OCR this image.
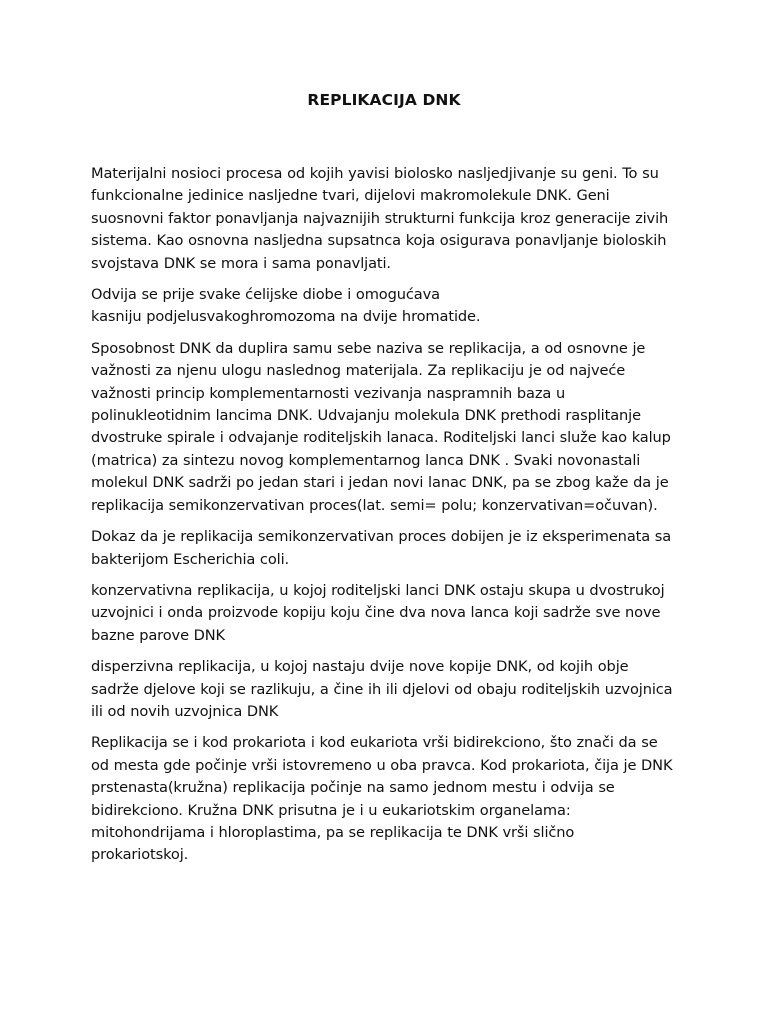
REPLIKACIJA DNK

Materijalni nosioci procesa od kojih yavisi biolosko nasljedjivanje su geni. To su
funkcionalne jedinice nasljedne tvari, dijelovi makromolekule DNK. Geni
suosnovni faktor ponavljanja najvaznijih strukturni funkcija kroz generacije zivih
sistema. Kao osnovna nasljedna supsatnca koja osigurava ponavljanje bioloskih
svojstava DNK se mora i sama ponavljati.

Odvija se prije svake ćelijske diobe i omogućava
kasniju podjelusvakoghromozoma na dvije hromatide.

Sposobnost DNK da duplira samu sebe naziva se replikacija, a od osnovne je
važnosti za njenu ulogu naslednog materijala. Za replikaciju je od najveće
važnosti princip komplementarnosti vezivanja naspramnih baza u
polinukleotidnim lancima DNK. Udvajanju molekula DNK prethodi rasplitanje
dvostruke spirale i odvajanje roditeljskih lanaca. Roditeljski lanci služe kao kalup
(matrica) za sintezu novog komplementarnog lanca DNK . Svaki novonastali
molekul DNK sadrži po jedan stari i jedan novi lanac DNK, pa se zbog kaže da je
replikacija semikonzervativan proces(lat. semi= polu; konzervativan=očuvan).

Dokaz da je replikacija semikonzervativan proces dobijen je iz eksperimenata sa
bakterijom Escherichia coli.

konzervativna replikacija, u kojoj roditeljski lanci DNK ostaju skupa u dvostrukoj
uzvojnici i onda proizvode kopiju koju čine dva nova lanca koji sadrže sve nove
bazne parove DNK

disperzivna replikacija, u kojoj nastaju dvije nove kopije DNK, od kojih obje
sadrže djelove koji se razlikuju, a čine ih ili djelovi od obaju roditeljskih uzvojnica
ili od novih uzvojnica DNK

Replikacija se i kod prokariota i kod eukariota vrši bidirekciono, što znači da se
od mesta gde počinje vrši istovremeno u oba pravca. Kod prokariota, čija je DNK
prstenasta(kružna) replikacija počinje na samo jednom mestu i odvija se
bidirekciono. Kružna DNK prisutna je i u eukariotskim organelama:
mitohondrijama i hloroplastima, pa se replikacija te DNK vrši slično
prokariotskoj.
